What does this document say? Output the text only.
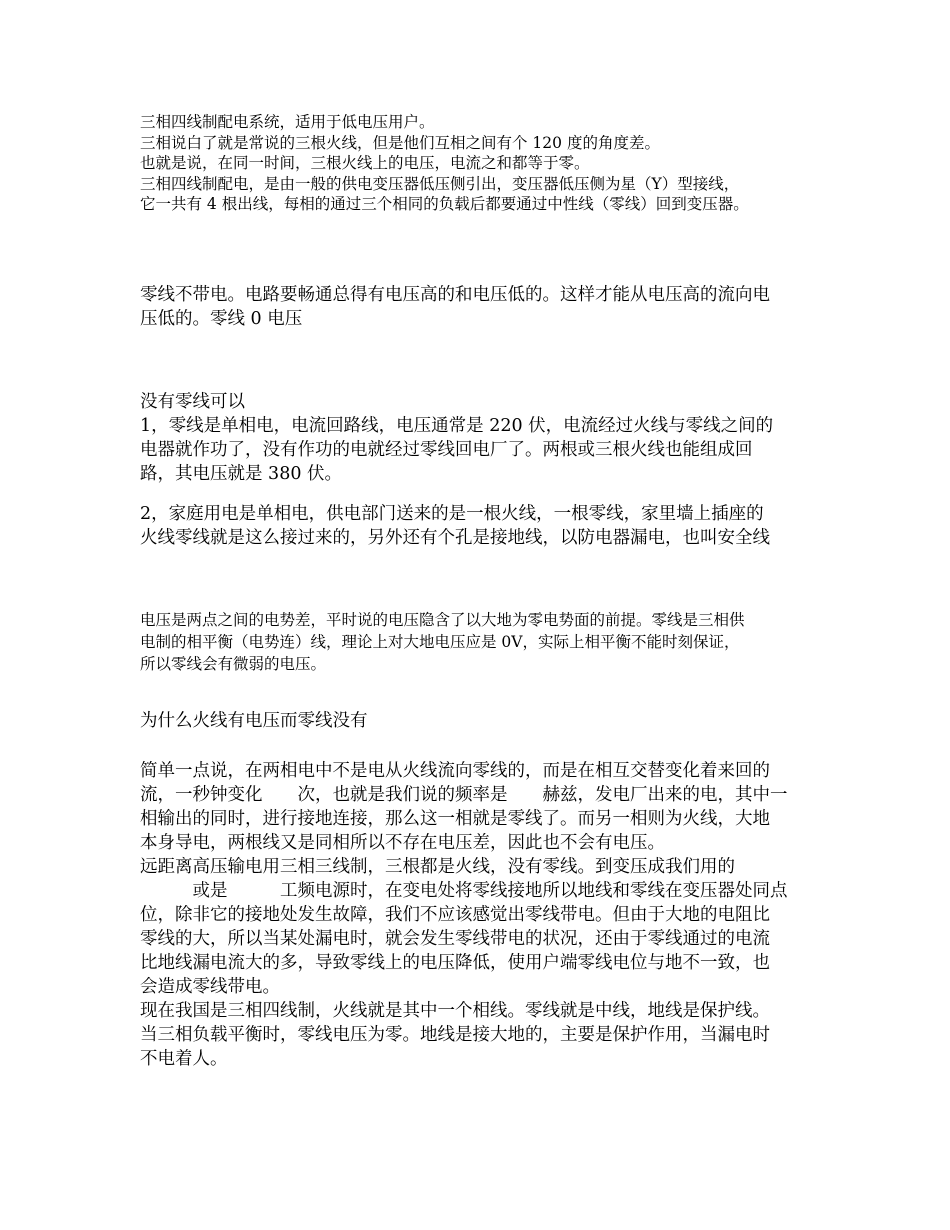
三相四线制配电系统，适用于低电压用户。
三相说白了就是常说的三根火线，但是他们互相之间有个 120 度的角度差。
也就是说，在同一时间，三根火线上的电压，电流之和都等于零。
三相四线制配电，是由一般的供电变压器低压侧引出，变压器低压侧为星（Y）型接线，
它一共有 4 根出线，每相的通过三个相同的负载后都要通过中性线（零线）回到变压器。
零线不带电。电路要畅通总得有电压高的和电压低的。这样才能从电压高的流向电
压低的。零线 0 电压
没有零线可以
1，零线是单相电，电流回路线，电压通常是 220 伏，电流经过火线与零线之间的
电器就作功了，没有作功的电就经过零线回电厂了。两根或三根火线也能组成回
路，其电压就是 380 伏。
2，家庭用电是单相电，供电部门送来的是一根火线，一根零线，家里墙上插座的
火线零线就是这么接过来的，另外还有个孔是接地线，以防电器漏电，也叫安全线
电压是两点之间的电势差，平时说的电压隐含了以大地为零电势面的前提。零线是三相供
电制的相平衡（电势连）线，理论上对大地电压应是 0V，实际上相平衡不能时刻保证，
所以零线会有微弱的电压。
为什么火线有电压而零线没有
简单一点说，在两相电中不是电从火线流向零线的，而是在相互交替变化着来回的
流，一秒钟变化　　次，也就是我们说的频率是　　赫兹，发电厂出来的电，其中一
相输出的同时，进行接地连接，那么这一相就是零线了。而另一相则为火线，大地
本身导电，两根线又是同相所以不存在电压差，因此也不会有电压。
远距离高压输电用三相三线制，三根都是火线，没有零线。到变压成我们用的
　　　或是　　　工频电源时，在变电处将零线接地所以地线和零线在变压器处同点
位，除非它的接地处发生故障，我们不应该感觉出零线带电。但由于大地的电阻比
零线的大，所以当某处漏电时，就会发生零线带电的状况，还由于零线通过的电流
比地线漏电流大的多，导致零线上的电压降低，使用户端零线电位与地不一致，也
会造成零线带电。
现在我国是三相四线制，火线就是其中一个相线。零线就是中线，地线是保护线。
当三相负载平衡时，零线电压为零。地线是接大地的，主要是保护作用，当漏电时
不电着人。
